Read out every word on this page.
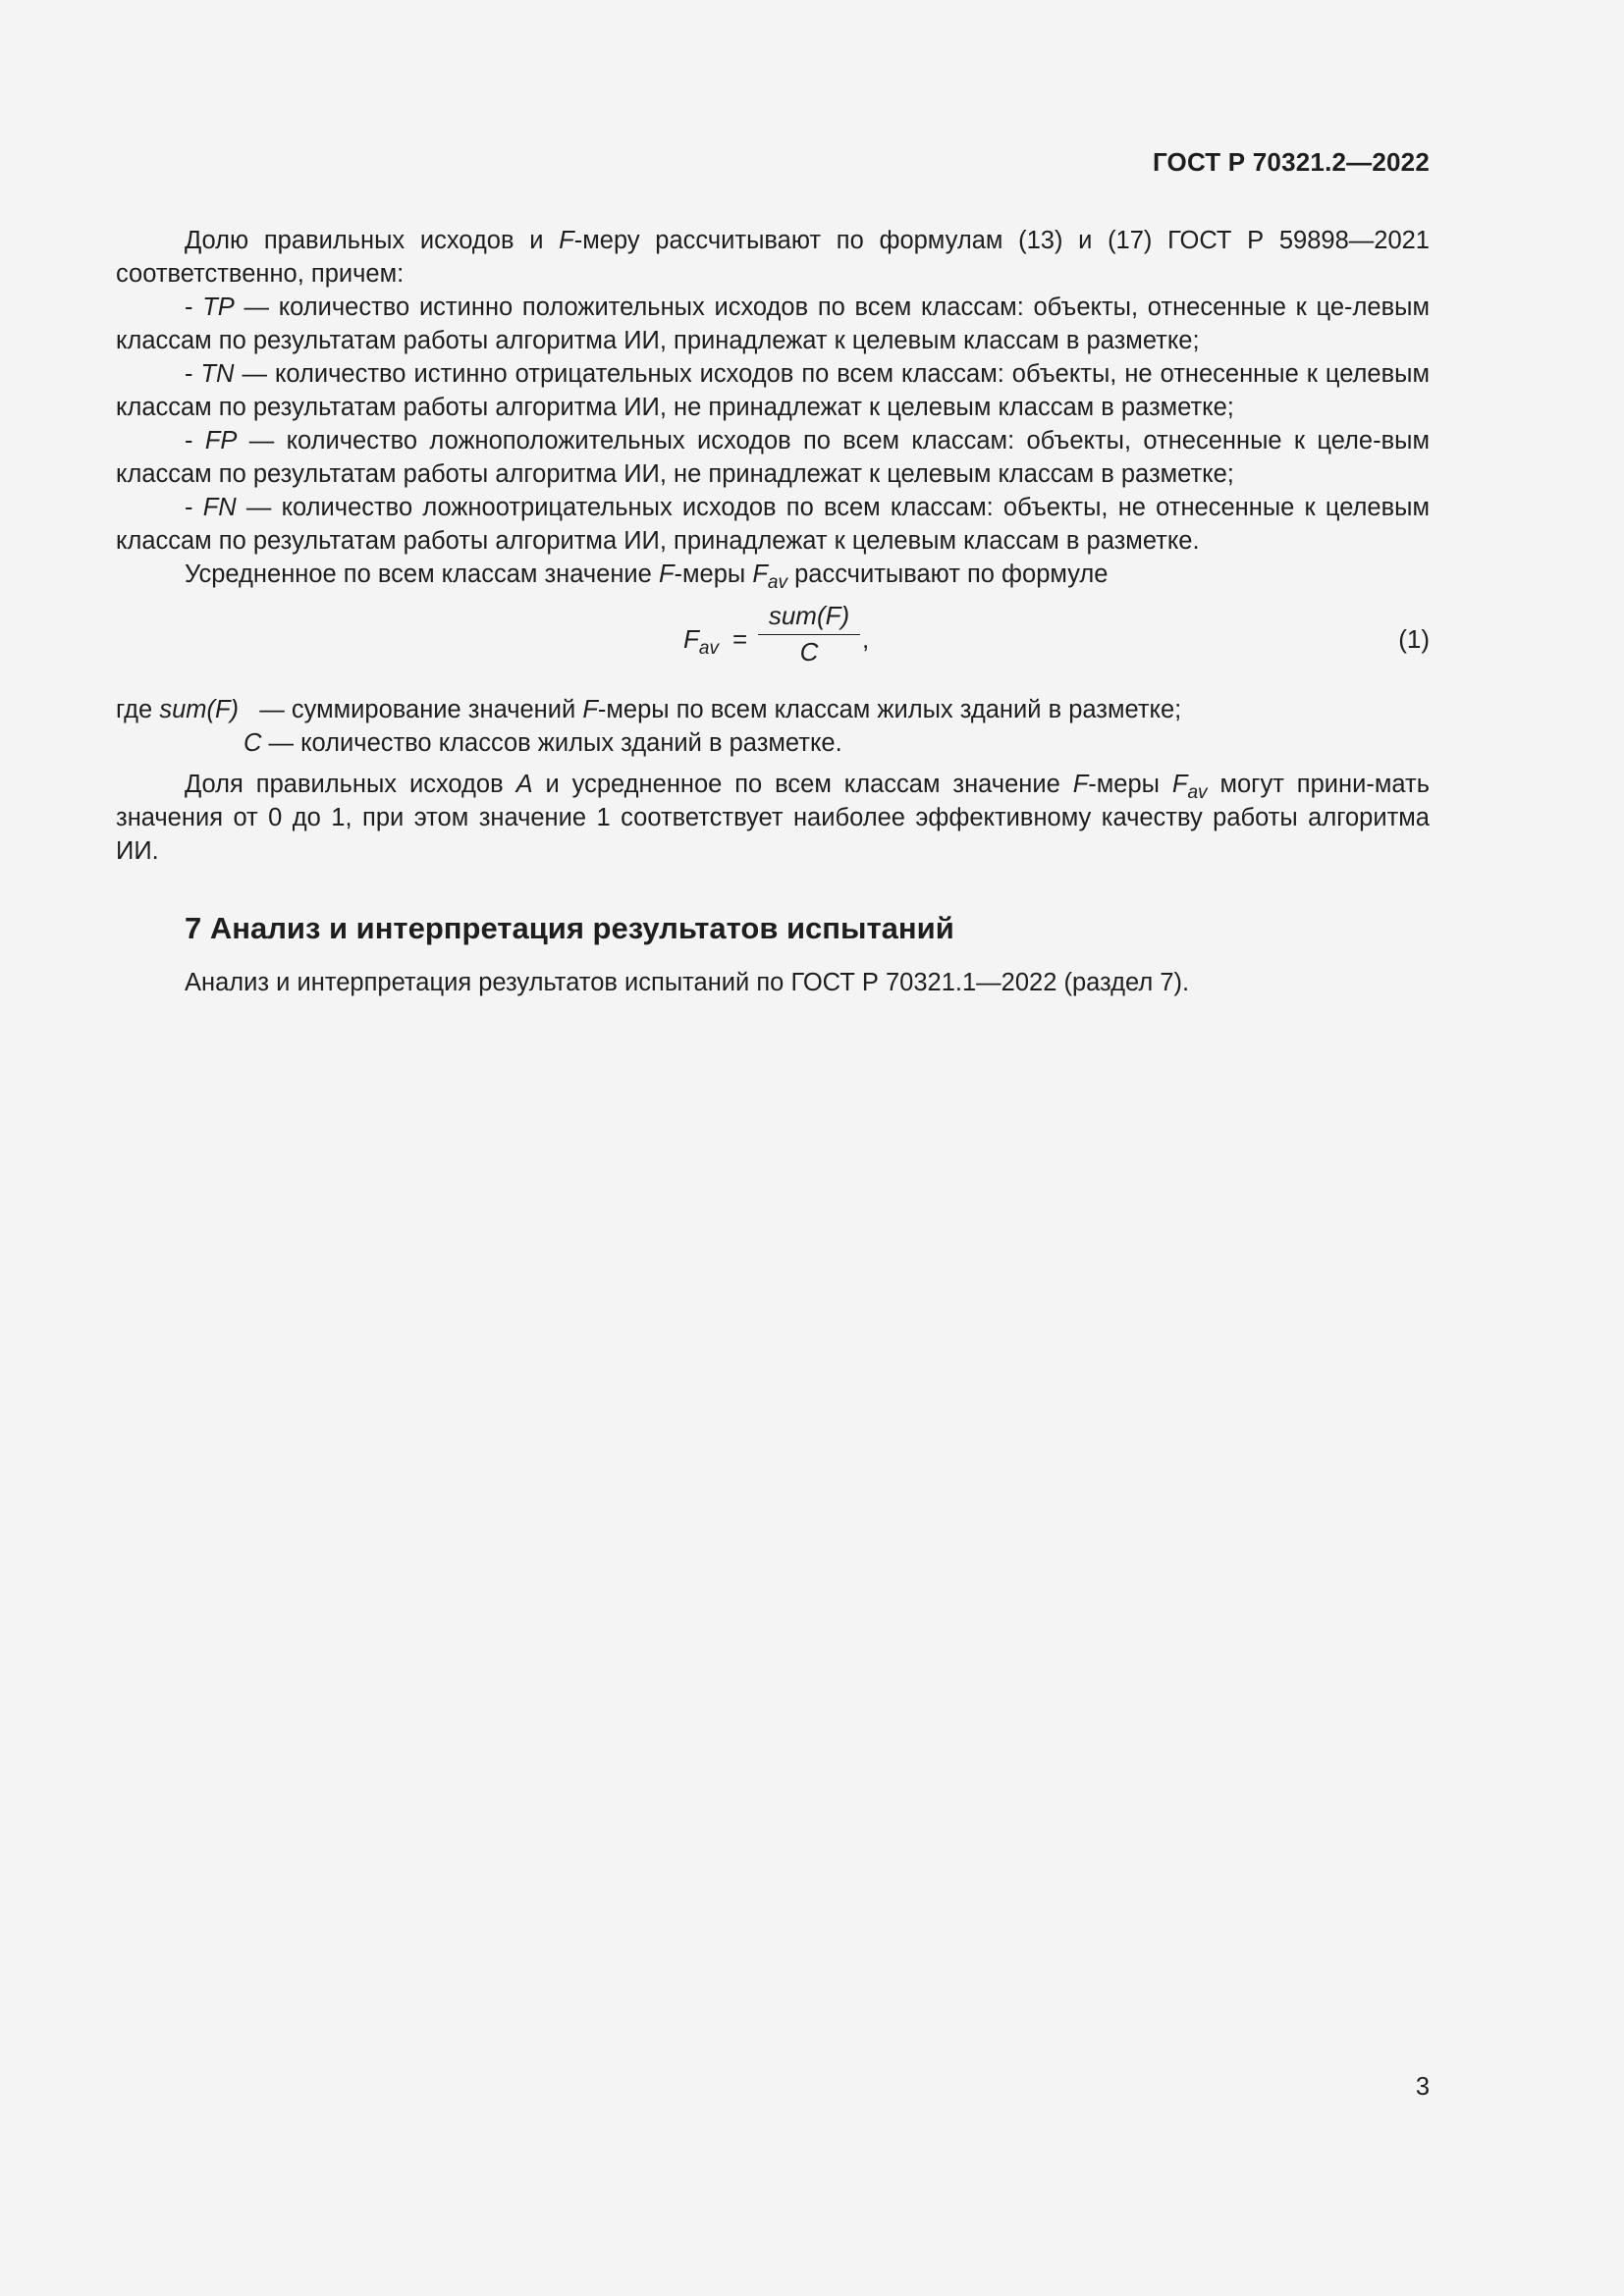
ГОСТ Р 70321.2—2022

Долю правильных исходов и F-меру рассчитывают по формулам (13) и (17) ГОСТ Р 59898—2021 соответственно, причем:

- TP — количество истинно положительных исходов по всем классам: объекты, отнесенные к це-левым классам по результатам работы алгоритма ИИ, принадлежат к целевым классам в разметке;

- TN — количество истинно отрицательных исходов по всем классам: объекты, не отнесенные к целевым классам по результатам работы алгоритма ИИ, не принадлежат к целевым классам в разметке;

- FP — количество ложноположительных исходов по всем классам: объекты, отнесенные к целе-вым классам по результатам работы алгоритма ИИ, не принадлежат к целевым классам в разметке;

- FN — количество ложноотрицательных исходов по всем классам: объекты, не отнесенные к целевым классам по результатам работы алгоритма ИИ, принадлежат к целевым классам в разметке.

Усредненное по всем классам значение F-меры $F_{av}$ рассчитывают по формуле

$F_{av}$ =
sum(F)
C	,	(1)

где sum(F)   — суммирование значений F-меры по всем классам жилых зданий в разметке;

C — количество классов жилых зданий в разметке.

Доля правильных исходов A и усредненное по всем классам значение F-меры $F_{av}$ могут прини-мать значения от 0 до 1, при этом значение 1 соответствует наиболее эффективному качеству работы алгоритма ИИ.

7 Анализ и интерпретация результатов испытаний

Анализ и интерпретация результатов испытаний по ГОСТ Р 70321.1—2022 (раздел 7).

3
